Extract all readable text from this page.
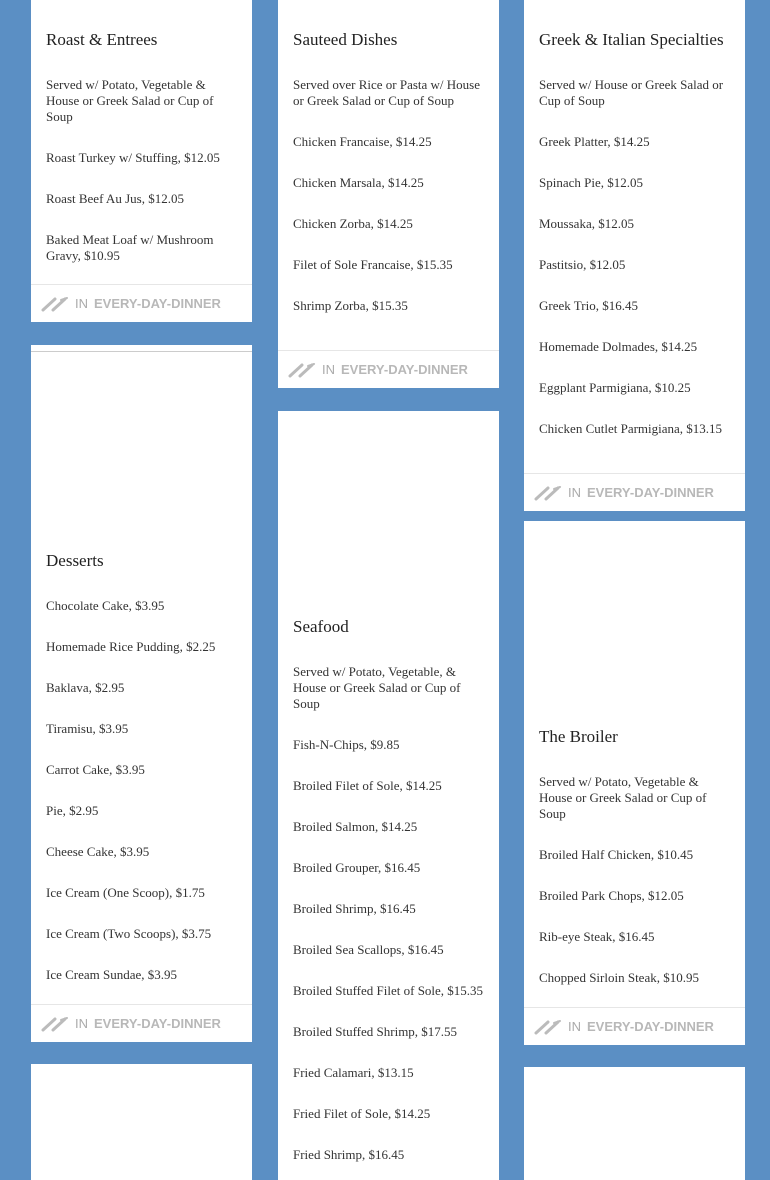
Roast & Entrees

Served w/ Potato, Vegetable & House or Greek Salad or Cup of Soup

Roast Turkey w/ Stuffing, $12.05

Roast Beef Au Jus, $12.05

Baked Meat Loaf w/ Mushroom Gravy, $10.95

IN EVERY-DAY-DINNER
Desserts

Chocolate Cake, $3.95

Homemade Rice Pudding, $2.25

Baklava, $2.95

Tiramisu, $3.95

Carrot Cake, $3.95

Pie, $2.95

Cheese Cake, $3.95

Ice Cream (One Scoop), $1.75

Ice Cream (Two Scoops), $3.75

Ice Cream Sundae, $3.95

IN EVERY-DAY-DINNER
Sauteed Dishes

Served over Rice or Pasta w/ House or Greek Salad or Cup of Soup

Chicken Francaise, $14.25

Chicken Marsala, $14.25

Chicken Zorba, $14.25

Filet of Sole Francaise, $15.35

Shrimp Zorba, $15.35

IN EVERY-DAY-DINNER
Seafood

Served w/ Potato, Vegetable, & House or Greek Salad or Cup of Soup

Fish-N-Chips, $9.85

Broiled Filet of Sole, $14.25

Broiled Salmon, $14.25

Broiled Grouper, $16.45

Broiled Shrimp, $16.45

Broiled Sea Scallops, $16.45

Broiled Stuffed Filet of Sole, $15.35

Broiled Stuffed Shrimp, $17.55

Fried Calamari, $13.15

Fried Filet of Sole, $14.25

Fried Shrimp, $16.45

Greek & Italian Specialties

Served w/ House or Greek Salad or Cup of Soup

Greek Platter, $14.25

Spinach Pie, $12.05

Moussaka, $12.05

Pastitsio, $12.05

Greek Trio, $16.45

Homemade Dolmades, $14.25

Eggplant Parmigiana, $10.25

Chicken Cutlet Parmigiana, $13.15

IN EVERY-DAY-DINNER
The Broiler

Served w/ Potato, Vegetable & House or Greek Salad or Cup of Soup

Broiled Half Chicken, $10.45

Broiled Park Chops, $12.05

Rib-eye Steak, $16.45

Chopped Sirloin Steak, $10.95

IN EVERY-DAY-DINNER
